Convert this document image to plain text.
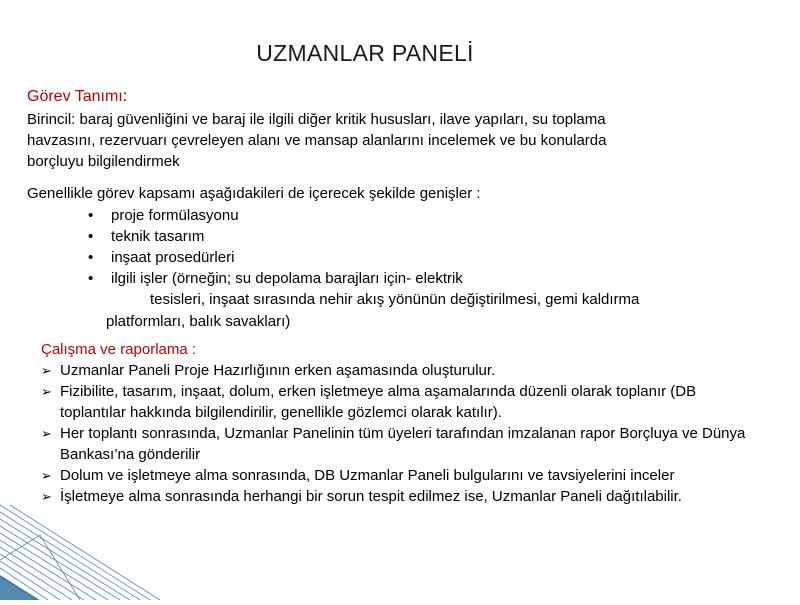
UZMANLAR PANELİ
Görev Tanımı:
Birincil: baraj güvenliğini ve baraj ile ilgili diğer kritik hususları, ilave yapıları, su toplama
havzasını, rezervuarı çevreleyen alanı ve mansap alanlarını incelemek ve bu konularda
borçluyu bilgilendirmek
Genellikle görev kapsamı aşağıdakileri de içerecek şekilde genişler :
• proje formülasyonu
• teknik tasarım
• inşaat prosedürleri
• ilgili işler (örneğin; su depolama barajları için- elektrik
tesisleri, inşaat sırasında nehir akış yönünün değiştirilmesi, gemi kaldırma
platformları, balık savakları)
Çalışma ve raporlama :
➢ Uzmanlar Paneli Proje Hazırlığının erken aşamasında oluşturulur.
➢ Fizibilite, tasarım, inşaat, dolum, erken işletmeye alma aşamalarında düzenli olarak toplanır (DB toplantılar hakkında bilgilendirilir, genellikle gözlemci olarak katılır).
➢ Her toplantı sonrasında, Uzmanlar Panelinin tüm üyeleri tarafından imzalanan rapor Borçluya ve Dünya Bankası’na gönderilir
➢ Dolum ve işletmeye alma sonrasında, DB Uzmanlar Paneli bulgularını ve tavsiyelerini inceler
➢ İşletmeye alma sonrasında herhangi bir sorun tespit edilmez ise, Uzmanlar Paneli dağıtılabilir.
